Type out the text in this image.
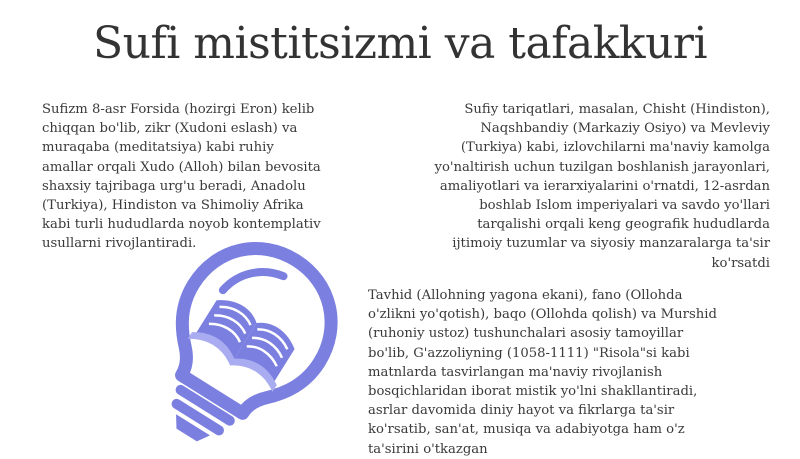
Sufi mistitsizmi va tafakkuri

Sufizm 8-asr Forsida (hozirgi Eron) kelib
chiqqan bo'lib, zikr (Xudoni eslash) va
muraqaba (meditatsiya) kabi ruhiy
amallar orqali Xudo (Alloh) bilan bevosita
shaxsiy tajribaga urg'u beradi, Anadolu
(Turkiya), Hindiston va Shimoliy Afrika
kabi turli hududlarda noyob kontemplativ
usullarni rivojlantiradi.

Sufiy tariqatlari, masalan, Chisht (Hindiston),
Naqshbandiy (Markaziy Osiyo) va Mevleviy
(Turkiya) kabi, izlovchilarni ma'naviy kamolga
yo'naltirish uchun tuzilgan boshlanish jarayonlari,
amaliyotlari va ierarxiyalarini o'rnatdi, 12-asrdan
boshlab Islom imperiyalari va savdo yo'llari
tarqalishi orqali keng geografik hududlarda
ijtimoiy tuzumlar va siyosiy manzaralarga ta'sir
ko'rsatdi

Tavhid (Allohning yagona ekani), fano (Ollohda
o'zlikni yo'qotish), baqo (Ollohda qolish) va Murshid
(ruhoniy ustoz) tushunchalari asosiy tamoyillar
bo'lib, G'azzoliyning (1058-1111) "Risola"si kabi
matnlarda tasvirlangan ma'naviy rivojlanish
bosqichlaridan iborat mistik yo'lni shakllantiradi,
asrlar davomida diniy hayot va fikrlarga ta'sir
ko'rsatib, san'at, musiqa va adabiyotga ham o'z
ta'sirini o'tkazgan
